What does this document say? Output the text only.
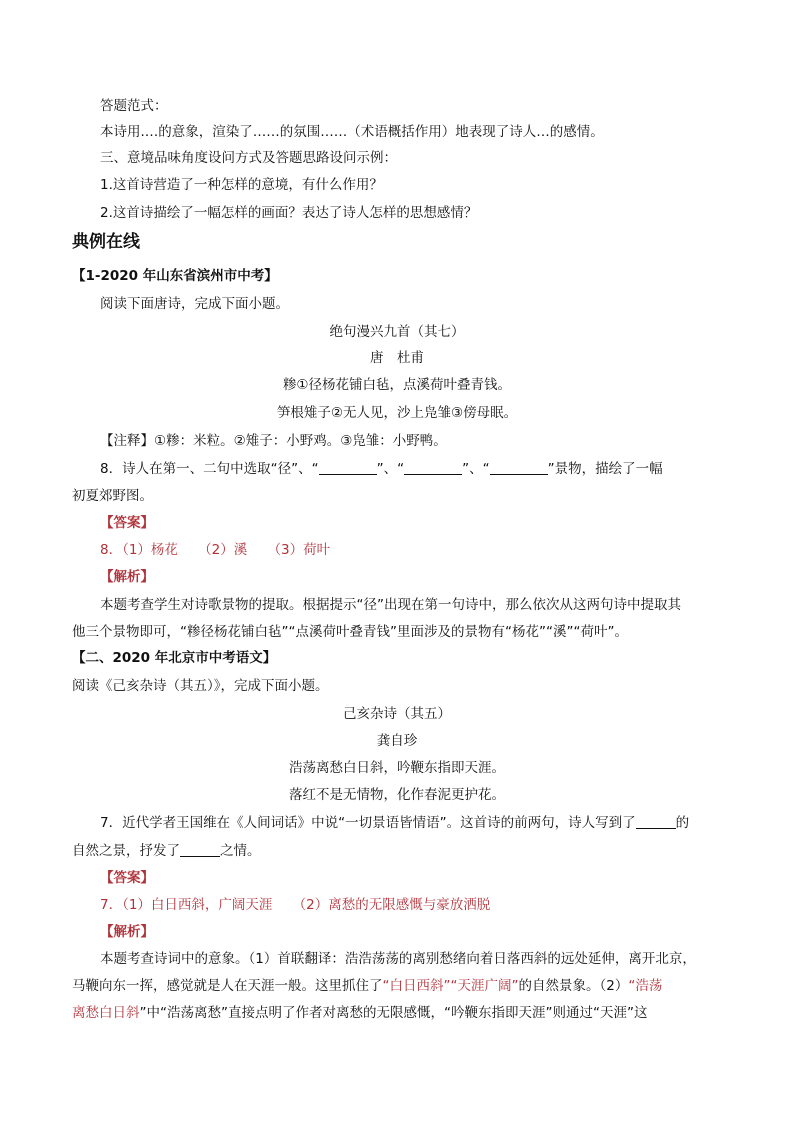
答题范式：
本诗用.…的意象，渲染了……的氛围……（术语概括作用）地表现了诗人…的感情。
三、意境品味角度设问方式及答题思路设问示例：
1.这首诗营造了一种怎样的意境，有什么作用？
2.这首诗描绘了一幅怎样的画面？表达了诗人怎样的思想感情？
典例在线
【1-2020 年山东省滨州市中考】
阅读下面唐诗，完成下面小题。
绝句漫兴九首（其七）
唐　杜甫
糁①径杨花铺白毡，点溪荷叶叠青钱。
笋根雉子②无人见，沙上凫雏③傍母眠。
【注释】①糁：米粒。②雉子：小野鸡。③凫雏：小野鸭。
8．诗人在第一、二句中选取“径”、“	”、“	”、“	”景物，描绘了一幅
初夏郊野图。
【答案】
8．（1）杨花　　（2）溪　　（3）荷叶
【解析】
本题考查学生对诗歌景物的提取。根据提示“径”出现在第一句诗中，那么依次从这两句诗中提取其
他三个景物即可，“糁径杨花铺白毡”“点溪荷叶叠青钱”里面涉及的景物有“杨花”“溪”“荷叶”。
【二、2020 年北京市中考语文】
阅读《己亥杂诗（其五）》，完成下面小题。
己亥杂诗（其五）
龚自珍
浩荡离愁白日斜，吟鞭东指即天涯。
落红不是无情物，化作春泥更护花。
7．近代学者王国维在《人间词话》中说“一切景语皆情语”。这首诗的前两句，诗人写到了	的
自然之景，抒发了	之情。
【答案】
7．（1）白日西斜，广阔天涯　　（2）离愁的无限感慨与豪放洒脱
【解析】
本题考查诗词中的意象。（1）首联翻译：浩浩荡荡的离别愁绪向着日落西斜的远处延伸，离开北京，
马鞭向东一挥，感觉就是人在天涯一般。这里抓住了“白日西斜”“天涯广阔”的自然景象。（2）“浩荡
离愁白日斜”中“浩荡离愁”直接点明了作者对离愁的无限感慨，“吟鞭东指即天涯”则通过“天涯”这
